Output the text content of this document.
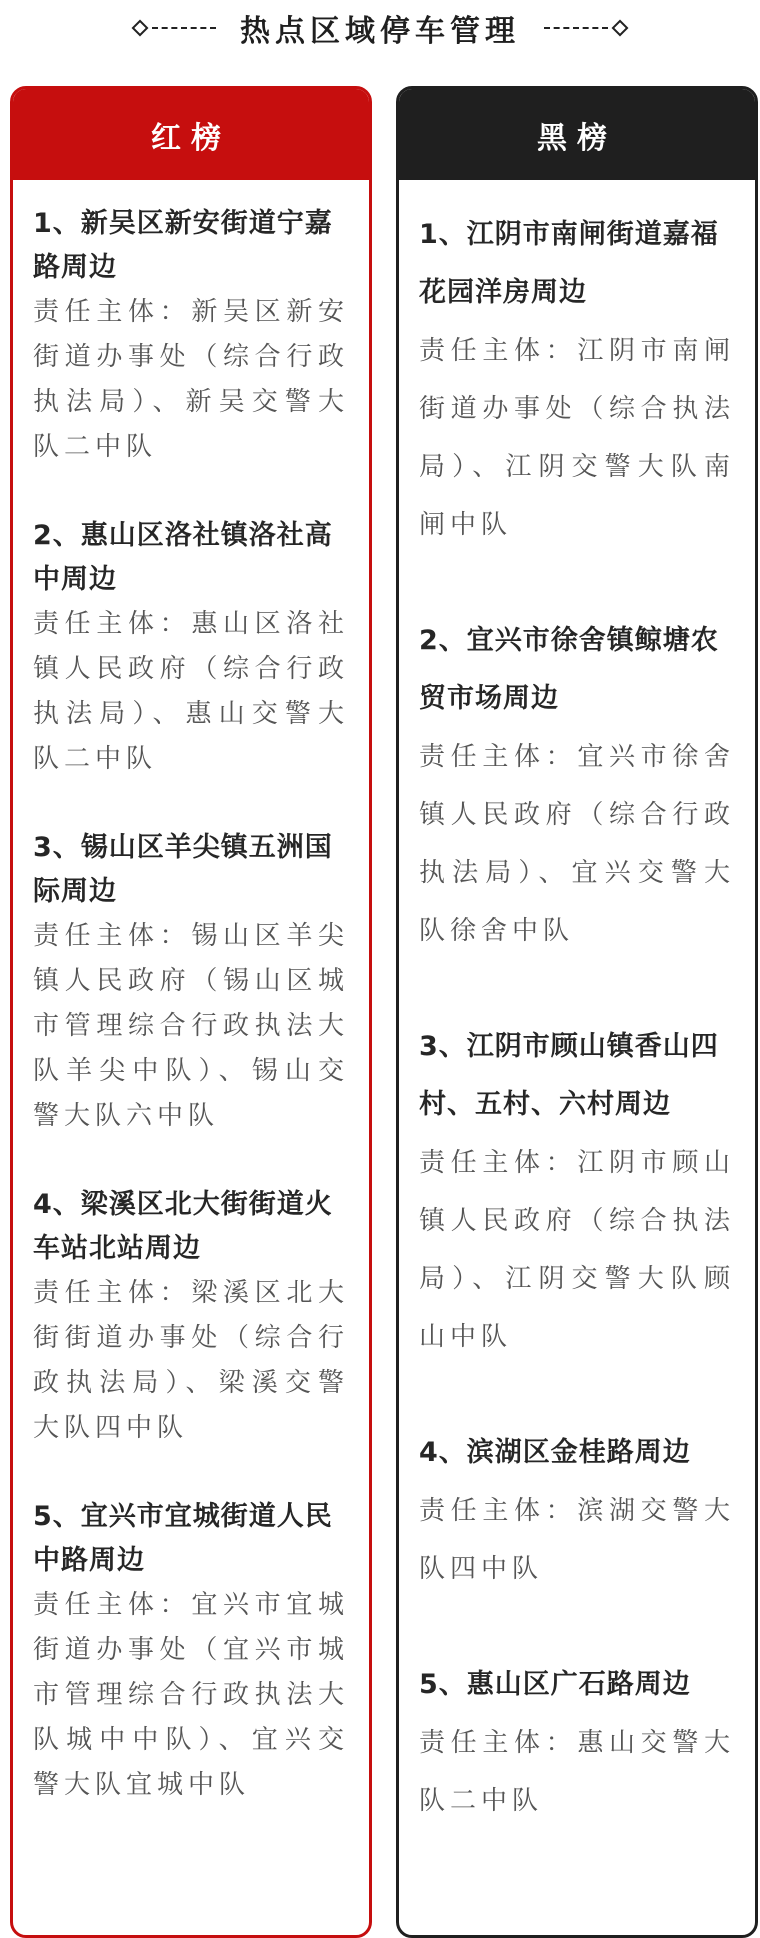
热点区域停车管理
红榜

1、新吴区新安街道宁嘉路周边

责任主体：新吴区新安街道办事处（综合行政执法局）、新吴交警大队二中队

2、惠山区洛社镇洛社高中周边

责任主体：惠山区洛社镇人民政府（综合行政执法局）、惠山交警大队二中队

3、锡山区羊尖镇五洲国际周边

责任主体：锡山区羊尖镇人民政府（锡山区城市管理综合行政执法大队羊尖中队）、锡山交警大队六中队

4、梁溪区北大街街道火车站北站周边

责任主体：梁溪区北大街街道办事处（综合行政执法局）、梁溪交警大队四中队

5、宜兴市宜城街道人民中路周边

责任主体：宜兴市宜城街道办事处（宜兴市城市管理综合行政执法大队城中中队）、宜兴交警大队宜城中队

黑榜

1、江阴市南闸街道嘉福花园洋房周边

责任主体：江阴市南闸街道办事处（综合执法局）、江阴交警大队南闸中队

2、宜兴市徐舍镇鲸塘农贸市场周边

责任主体：宜兴市徐舍镇人民政府（综合行政执法局）、宜兴交警大队徐舍中队

3、江阴市顾山镇香山四村、五村、六村周边

责任主体：江阴市顾山镇人民政府（综合执法局）、江阴交警大队顾山中队

4、滨湖区金桂路周边

责任主体：滨湖交警大队四中队

5、惠山区广石路周边

责任主体：惠山交警大队二中队
